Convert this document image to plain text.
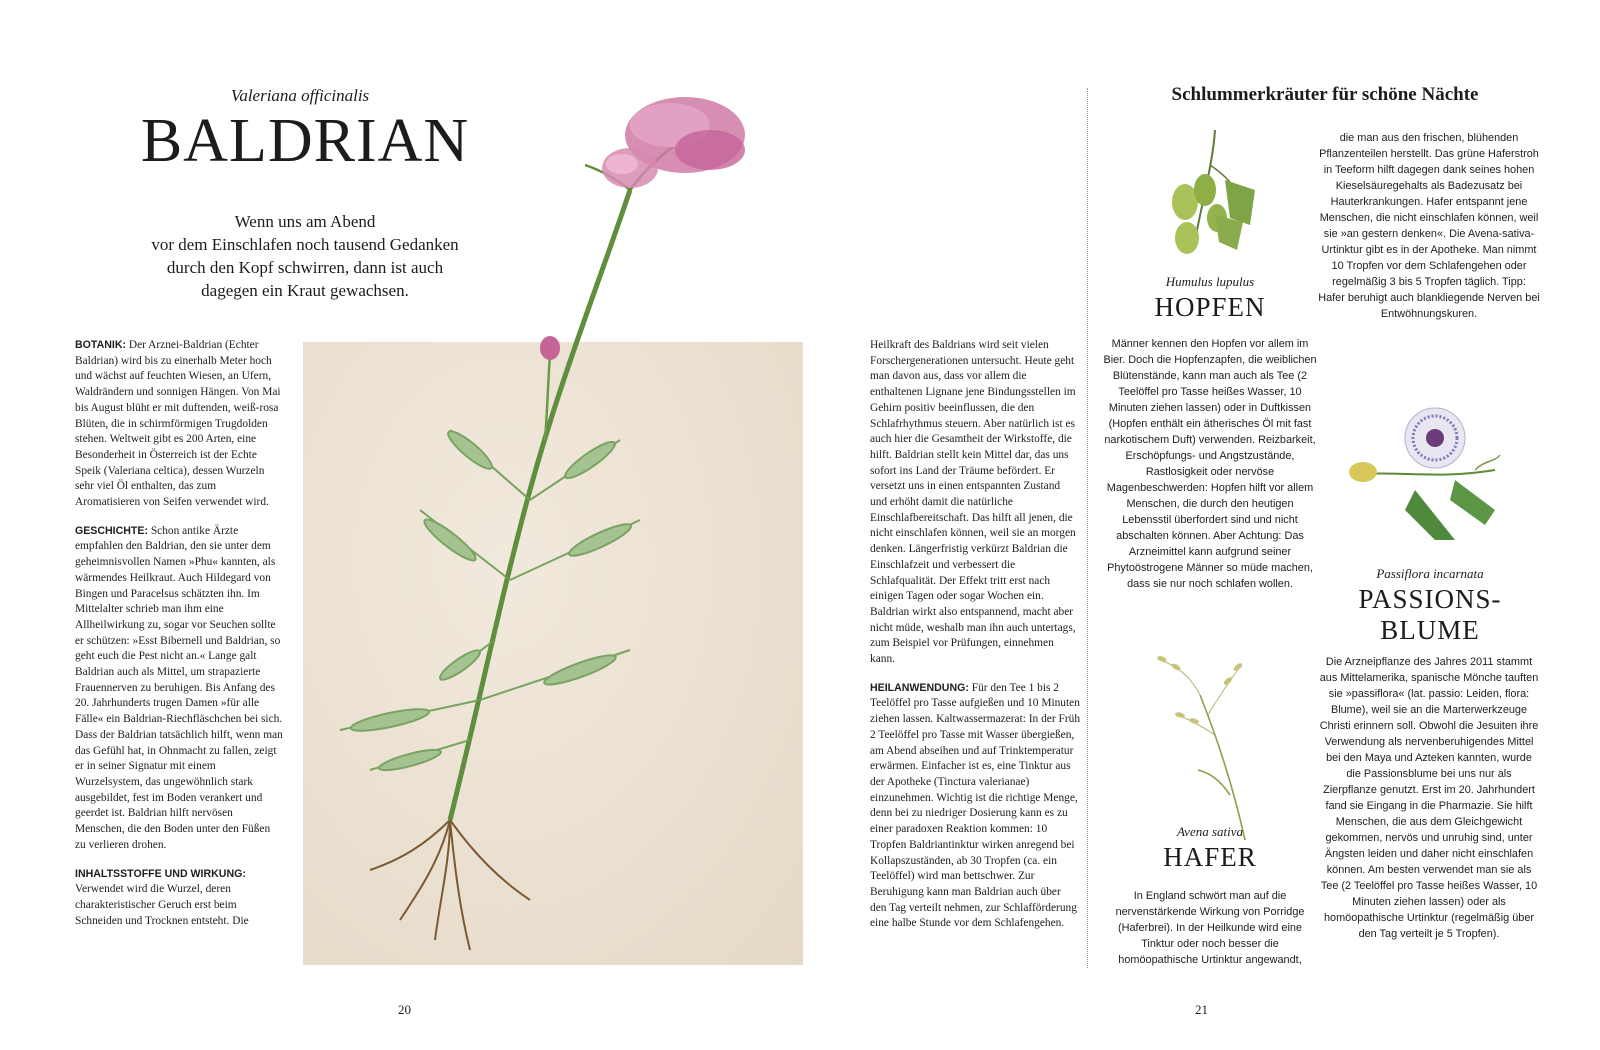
Valeriana officinalis
BALDRIAN
Wenn uns am Abend
vor dem Einschlafen noch tausend Gedanken
durch den Kopf schwirren, dann ist auch
dagegen ein Kraut gewachsen.

BOTANIK: Der Arznei-Baldrian (Echter Baldrian) wird bis zu einerhalb Meter hoch und wächst auf feuchten Wiesen, an Ufern, Waldrändern und sonnigen Hängen. Von Mai bis August blüht er mit duftenden, weiß-rosa Blüten, die in schirmförmigen Trugdolden stehen. Weltweit gibt es 200 Arten, eine Besonderheit in Österreich ist der Echte Speik (Valeriana celtica), dessen Wurzeln sehr viel Öl enthalten, das zum Aromatisieren von Seifen verwendet wird.

GESCHICHTE: Schon antike Ärzte empfahlen den Baldrian, den sie unter dem geheimnisvollen Namen »Phu« kannten, als wärmendes Heilkraut. Auch Hildegard von Bingen und Paracelsus schätzten ihn. Im Mittelalter schrieb man ihm eine Allheilwirkung zu, sogar vor Seuchen sollte er schützen: »Esst Bibernell und Baldrian, so geht euch die Pest nicht an.« Lange galt Baldrian auch als Mittel, um strapazierte Frauennerven zu beruhigen. Bis Anfang des 20. Jahrhunderts trugen Damen »für alle Fälle« ein Baldrian-Riechfläschchen bei sich. Dass der Baldrian tatsächlich hilft, wenn man das Gefühl hat, in Ohnmacht zu fallen, zeigt er in seiner Signatur mit einem Wurzelsystem, das ungewöhnlich stark ausgebildet, fest im Boden verankert und geerdet ist. Baldrian hilft nervösen Menschen, die den Boden unter den Füßen zu verlieren drohen.

INHALTSSTOFFE UND WIRKUNG:
Verwendet wird die Wurzel, deren charakteristischer Geruch erst beim Schneiden und Trocknen entsteht. Die

Heilkraft des Baldrians wird seit vielen Forschergenerationen untersucht. Heute geht man davon aus, dass vor allem die enthaltenen Lignane jene Bindungsstellen im Gehirn positiv beeinflussen, die den Schlafrhythmus steuern. Aber natürlich ist es auch hier die Gesamtheit der Wirkstoffe, die hilft. Baldrian stellt kein Mittel dar, das uns sofort ins Land der Träume befördert. Er versetzt uns in einen entspannten Zustand und erhöht damit die natürliche Einschlafbereitschaft. Das hilft all jenen, die nicht einschlafen können, weil sie an morgen denken. Längerfristig verkürzt Baldrian die Einschlafzeit und verbessert die Schlafqualität. Der Effekt tritt erst nach einigen Tagen oder sogar Wochen ein. Baldrian wirkt also entspannend, macht aber nicht müde, weshalb man ihn auch untertags, zum Beispiel vor Prüfungen, einnehmen kann.

HEILANWENDUNG: Für den Tee 1 bis 2 Teelöffel pro Tasse aufgießen und 10 Minuten ziehen lassen. Kaltwassermazerat: In der Früh 2 Teelöffel pro Tasse mit Wasser übergießen, am Abend abseihen und auf Trinktemperatur erwärmen. Einfacher ist es, eine Tinktur aus der Apotheke (Tinctura valerianae) einzunehmen. Wichtig ist die richtige Menge, denn bei zu niedriger Dosierung kann es zu einer paradoxen Reaktion kommen: 10 Tropfen Baldriantinktur wirken anregend bei Kollapszuständen, ab 30 Tropfen (ca. ein Teelöffel) wird man bettschwer. Zur Beruhigung kann man Baldrian auch über den Tag verteilt nehmen, zur Schlafförderung eine halbe Stunde vor dem Schlafengehen.

20
Schlummerkräuter für schöne Nächte
Humulus lupulus
HOPFEN
Männer kennen den Hopfen vor allem im Bier. Doch die Hopfenzapfen, die weiblichen Blütenstände, kann man auch als Tee (2 Teelöffel pro Tasse heißes Wasser, 10 Minuten ziehen lassen) oder in Duftkissen (Hopfen enthält ein ätherisches Öl mit fast narkotischem Duft) verwenden. Reizbarkeit, Erschöpfungs- und Angstzustände, Rastlosigkeit oder nervöse Magenbeschwerden: Hopfen hilft vor allem Menschen, die durch den heutigen Lebensstil überfordert sind und nicht abschalten können. Aber Achtung: Das Arzneimittel kann aufgrund seiner Phytoöstrogene Männer so müde machen, dass sie nur noch schlafen wollen.
Avena sativa
HAFER
In England schwört man auf die nervenstärkende Wirkung von Porridge (Haferbrei). In der Heilkunde wird eine Tinktur oder noch besser die homöopathische Urtinktur angewandt,
die man aus den frischen, blühenden Pflanzenteilen herstellt. Das grüne Haferstroh in Teeform hilft dagegen dank seines hohen Kieselsäuregehalts als Badezusatz bei Hauterkrankungen. Hafer entspannt jene Menschen, die nicht einschlafen können, weil sie »an gestern denken«. Die Avena-sativa-Urtinktur gibt es in der Apotheke. Man nimmt 10 Tropfen vor dem Schlafengehen oder regelmäßig 3 bis 5 Tropfen täglich. Tipp: Hafer beruhigt auch blankliegende Nerven bei Entwöhnungskuren.
Passiflora incarnata
PASSIONS-
BLUME
Die Arzneipflanze des Jahres 2011 stammt aus Mittelamerika, spanische Mönche tauften sie »passiflora« (lat. passio: Leiden, flora: Blume), weil sie an die Marterwerkzeuge Christi erinnern soll. Obwohl die Jesuiten ihre Verwendung als nervenberuhigendes Mittel bei den Maya und Azteken kannten, wurde die Passionsblume bei uns nur als Zierpflanze genutzt. Erst im 20. Jahrhundert fand sie Eingang in die Pharmazie. Sie hilft Menschen, die aus dem Gleichgewicht gekommen, nervös und unruhig sind, unter Ängsten leiden und daher nicht einschlafen können. Am besten verwendet man sie als Tee (2 Teelöffel pro Tasse heißes Wasser, 10 Minuten ziehen lassen) oder als homöopathische Urtinktur (regelmäßig über den Tag verteilt je 5 Tropfen).
21
